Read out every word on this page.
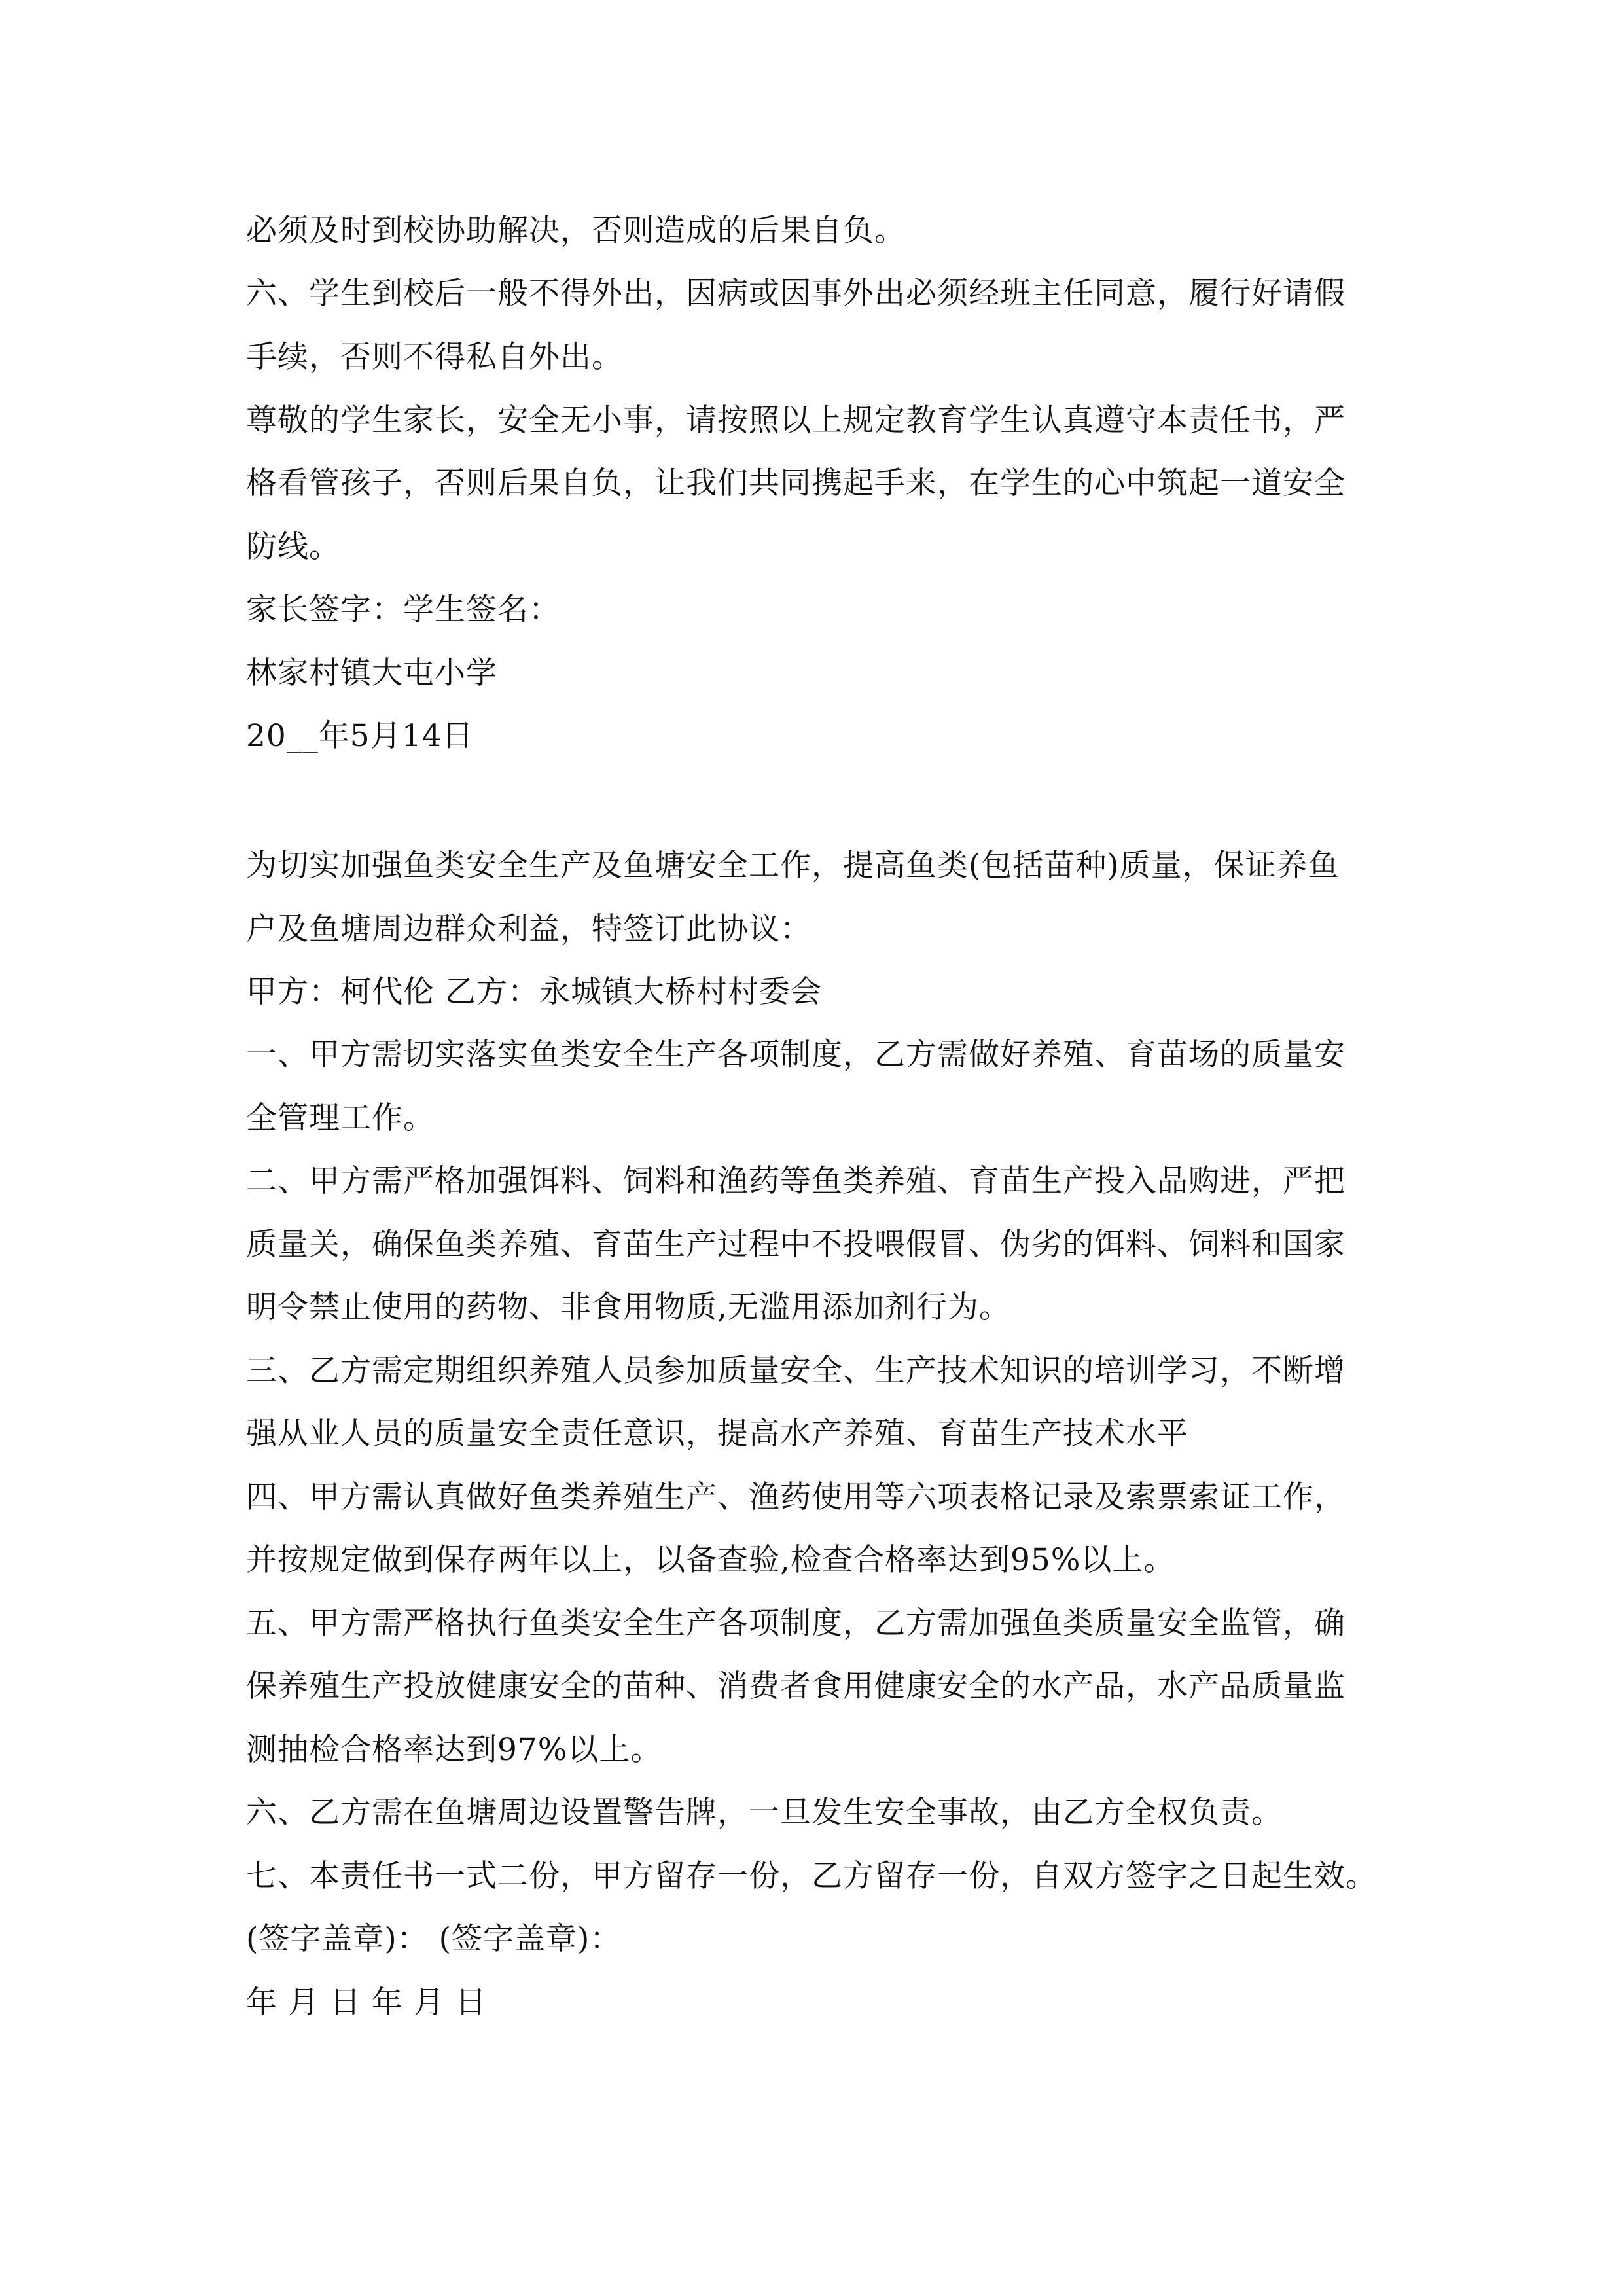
必须及时到校协助解决，否则造成的后果自负。
六、学生到校后一般不得外出，因病或因事外出必须经班主任同意，履行好请假
手续，否则不得私自外出。
尊敬的学生家长，安全无小事，请按照以上规定教育学生认真遵守本责任书，严
格看管孩子，否则后果自负，让我们共同携起手来，在学生的心中筑起一道安全
防线。
家长签字：学生签名：
林家村镇大屯小学
20__年5月14日
为切实加强鱼类安全生产及鱼塘安全工作，提高鱼类(包括苗种)质量，保证养鱼
户及鱼塘周边群众利益，特签订此协议：
甲方：柯代伦 乙方：永城镇大桥村村委会
一、甲方需切实落实鱼类安全生产各项制度，乙方需做好养殖、育苗场的质量安
全管理工作。
二、甲方需严格加强饵料、饲料和渔药等鱼类养殖、育苗生产投入品购进，严把
质量关，确保鱼类养殖、育苗生产过程中不投喂假冒、伪劣的饵料、饲料和国家
明令禁止使用的药物、非食用物质,无滥用添加剂行为。
三、乙方需定期组织养殖人员参加质量安全、生产技术知识的培训学习，不断增
强从业人员的质量安全责任意识，提高水产养殖、育苗生产技术水平
四、甲方需认真做好鱼类养殖生产、渔药使用等六项表格记录及索票索证工作，
并按规定做到保存两年以上，以备查验,检查合格率达到95%以上。
五、甲方需严格执行鱼类安全生产各项制度，乙方需加强鱼类质量安全监管，确
保养殖生产投放健康安全的苗种、消费者食用健康安全的水产品，水产品质量监
测抽检合格率达到97%以上。
六、乙方需在鱼塘周边设置警告牌，一旦发生安全事故，由乙方全权负责。
七、本责任书一式二份，甲方留存一份，乙方留存一份，自双方签字之日起生效。
(签字盖章)： (签字盖章)：
年 月 日 年 月 日
